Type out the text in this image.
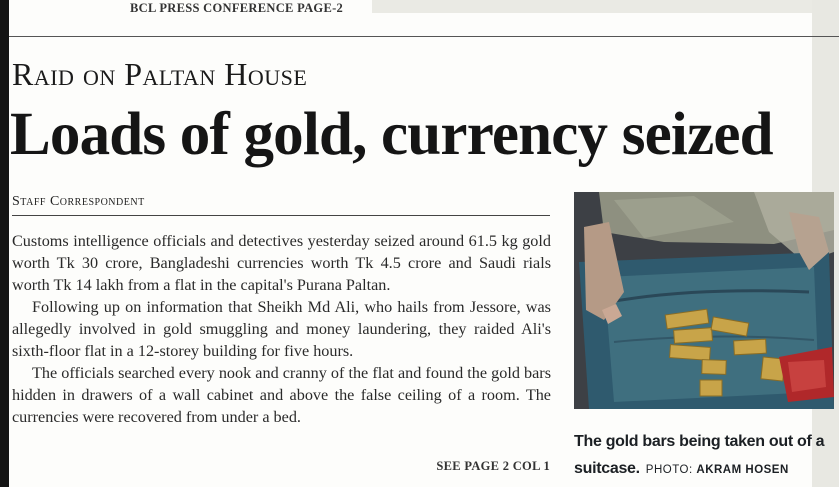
BCL PRESS CONFERENCE PAGE-2
Raid on Paltan House
Loads of gold, currency seized
Staff Correspondent

Customs intelligence officials and detectives yesterday seized around 61.5 kg gold worth Tk 30 crore, Bangladeshi currencies worth Tk 4.5 crore and Saudi rials worth Tk 14 lakh from a flat in the capital's Purana Paltan.

Following up on information that Sheikh Md Ali, who hails from Jessore, was allegedly involved in gold smuggling and money laundering, they raided Ali's sixth-floor flat in a 12-storey building for five hours.

The officials searched every nook and cranny of the flat and found the gold bars hidden in drawers of a wall cabinet and above the false ceiling of a room. The currencies were recovered from under a bed.

SEE PAGE 2 COL 1
The gold bars being taken out of a suitcase. PHOTO: AKRAM HOSEN
